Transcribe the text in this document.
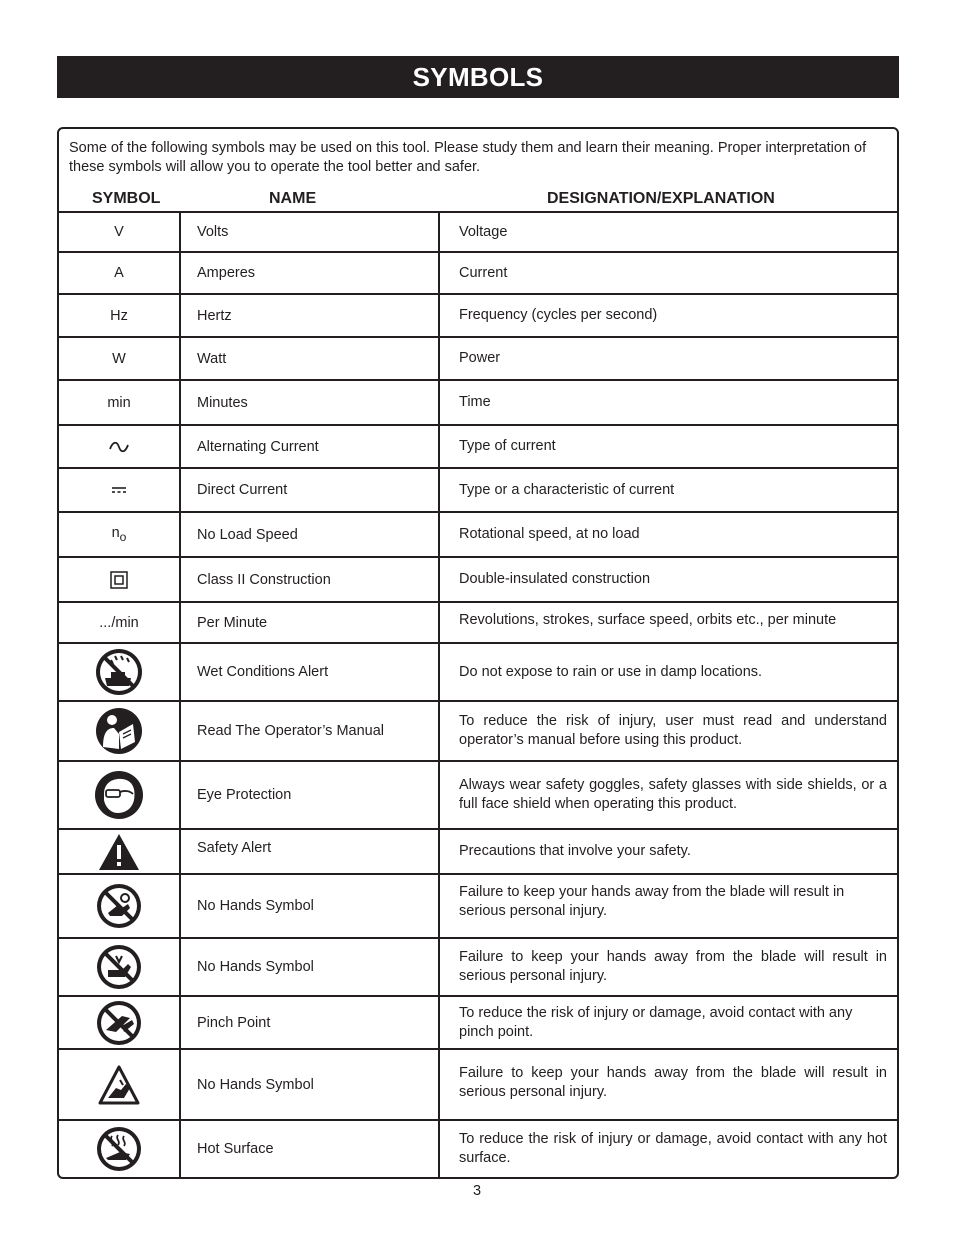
SYMBOLS
Some of the following symbols may be used on this tool. Please study them and learn their meaning. Proper interpretation of these symbols will allow you to operate the tool better and safer.
SYMBOL	NAME	DESIGNATION/EXPLANATION
V	Volts	Voltage
A	Amperes	Current
Hz	Hertz	Frequency (cycles per second)
W	Watt	Power
min	Minutes	Time
	Alternating Current	Type of current
	Direct Current	Type or a characteristic of current
$n_o$	No Load Speed	Rotational speed, at no load
	Class II Construction	Double-insulated construction
.../min	Per Minute	Revolutions, strokes, surface speed, orbits etc., per minute
	Wet Conditions Alert	Do not expose to rain or use in damp locations.
	Read The Operator’s Manual	To reduce the risk of injury, user must read and understand operator’s manual before using this product.
	Eye Protection	Always wear safety goggles, safety glasses with side shields, or a full face shield when operating this product.
	Safety Alert	Precautions that involve your safety.
	No Hands Symbol	Failure to keep your hands away from the blade will result in serious personal injury.
	No Hands Symbol	Failure to keep your hands away from the blade will result in serious personal injury.
	Pinch Point	To reduce the risk of injury or damage, avoid contact with any pinch point.
	No Hands Symbol	Failure to keep your hands away from the blade will result in serious personal injury.
	Hot Surface	To reduce the risk of injury or damage, avoid contact with any hot surface.
3
